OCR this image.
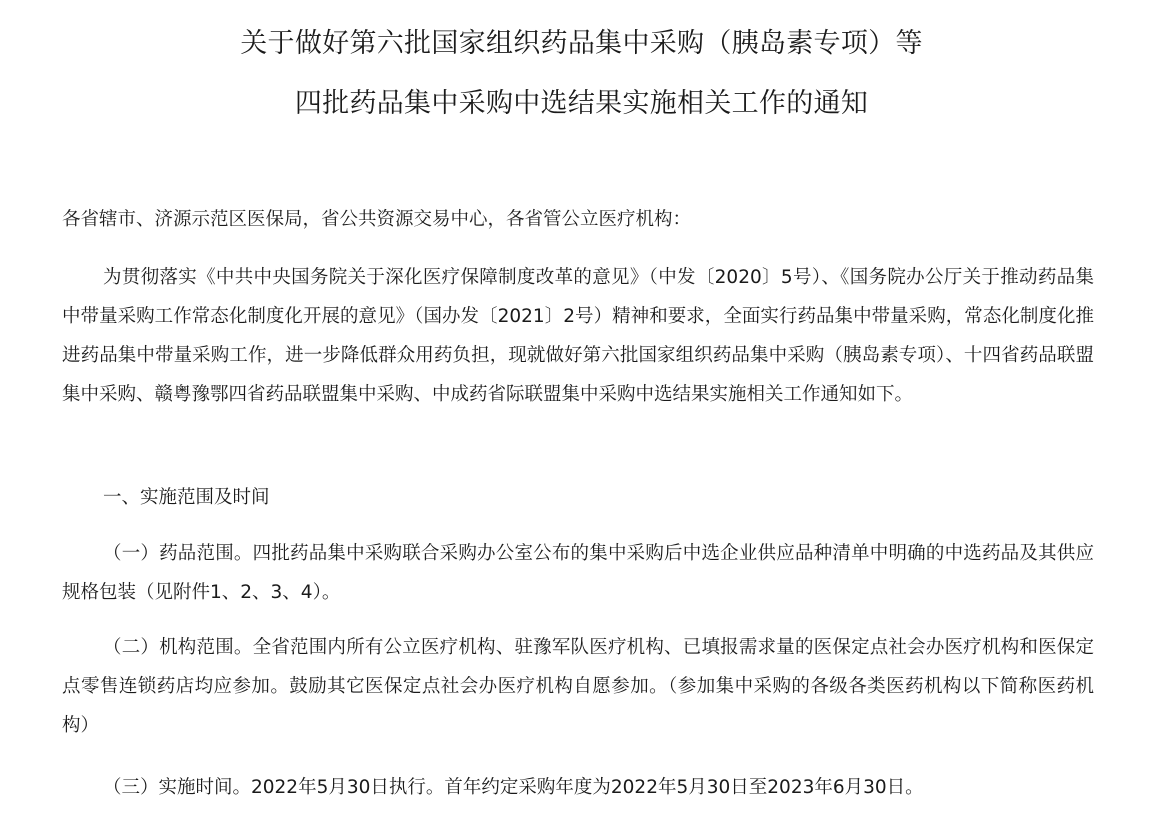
关于做好第六批国家组织药品集中采购（胰岛素专项）等
四批药品集中采购中选结果实施相关工作的通知
各省辖市、济源示范区医保局，省公共资源交易中心，各省管公立医疗机构：

为贯彻落实《中共中央国务院关于深化医疗保障制度改革的意见》（中发〔2020〕5号）、《国务院办公厅关于推动药品集中带量采购工作常态化制度化开展的意见》（国办发〔2021〕2号）精神和要求，全面实行药品集中带量采购，常态化制度化推进药品集中带量采购工作，进一步降低群众用药负担，现就做好第六批国家组织药品集中采购（胰岛素专项）、十四省药品联盟集中采购、赣粤豫鄂四省药品联盟集中采购、中成药省际联盟集中采购中选结果实施相关工作通知如下。

一、实施范围及时间

（一）药品范围。四批药品集中采购联合采购办公室公布的集中采购后中选企业供应品种清单中明确的中选药品及其供应规格包装（见附件1、2、3、4）。

（二）机构范围。全省范围内所有公立医疗机构、驻豫军队医疗机构、已填报需求量的医保定点社会办医疗机构和医保定点零售连锁药店均应参加。鼓励其它医保定点社会办医疗机构自愿参加。（参加集中采购的各级各类医药机构以下简称医药机构）

（三）实施时间。2022年5月30日执行。首年约定采购年度为2022年5月30日至2023年6月30日。
